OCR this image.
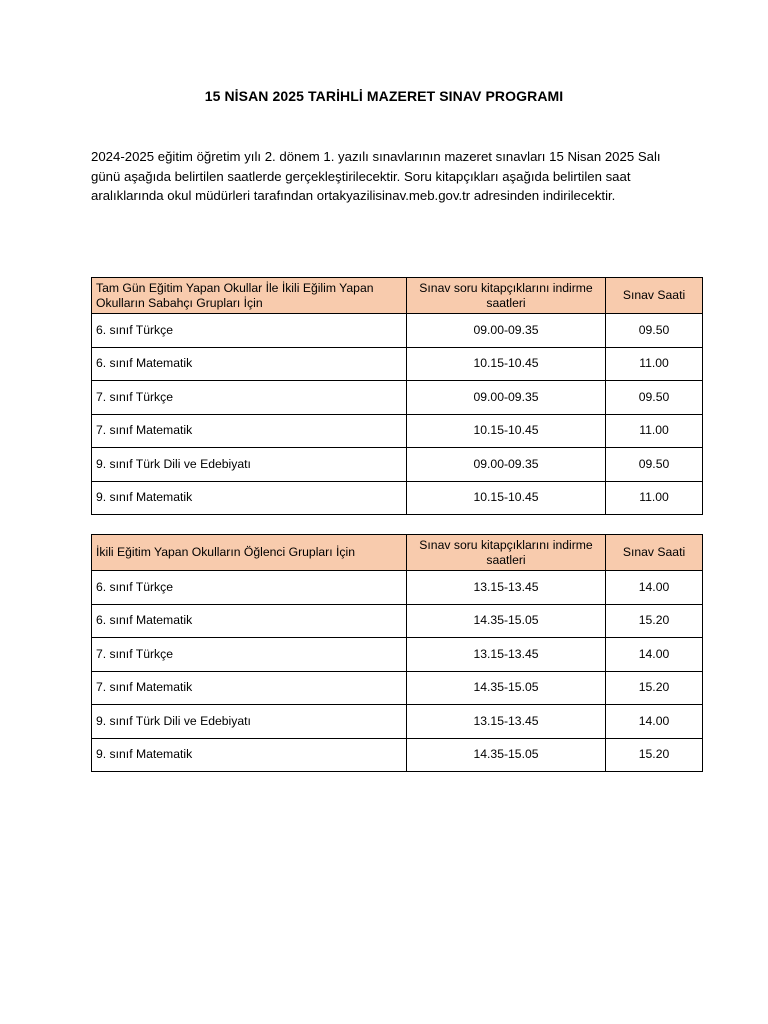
15 NİSAN 2025 TARİHLİ MAZERET SINAV PROGRAMI
2024-2025 eğitim öğretim yılı 2. dönem 1. yazılı sınavlarının mazeret sınavları 15 Nisan 2025 Salı günü aşağıda belirtilen saatlerde gerçekleştirilecektir. Soru kitapçıkları aşağıda belirtilen saat aralıklarında okul müdürleri tarafından ortakyazilisinav.meb.gov.tr adresinden indirilecektir.
Tam Gün Eğitim Yapan Okullar İle İkili Eğilim Yapan Okulların Sabahçı Grupları İçin	Sınav soru kitapçıklarını indirme saatleri	Sınav Saati
6. sınıf Türkçe	09.00-09.35	09.50
6. sınıf Matematik	10.15-10.45	11.00
7. sınıf Türkçe	09.00-09.35	09.50
7. sınıf Matematik	10.15-10.45	11.00
9. sınıf Türk Dili ve Edebiyatı	09.00-09.35	09.50
9. sınıf Matematik	10.15-10.45	11.00
İkili Eğitim Yapan Okulların Öğlenci Grupları İçin	Sınav soru kitapçıklarını indirme saatleri	Sınav Saati
6. sınıf Türkçe	13.15-13.45	14.00
6. sınıf Matematik	14.35-15.05	15.20
7. sınıf Türkçe	13.15-13.45	14.00
7. sınıf Matematik	14.35-15.05	15.20
9. sınıf Türk Dili ve Edebiyatı	13.15-13.45	14.00
9. sınıf Matematik	14.35-15.05	15.20
